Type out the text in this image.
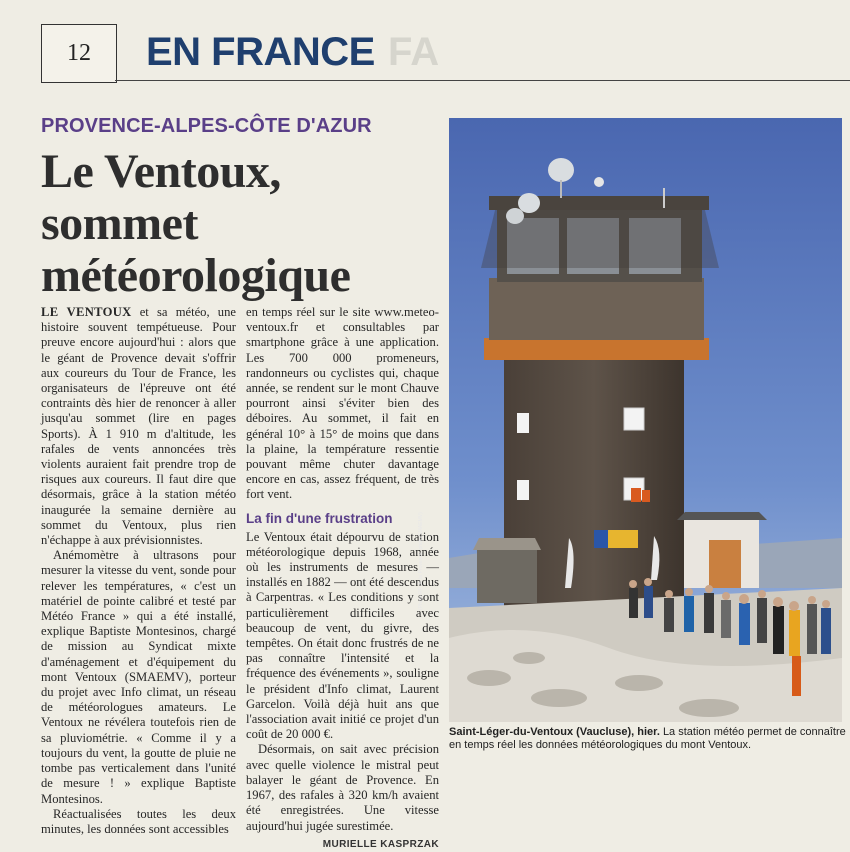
12	EN FRANCE FA
PROVENCE-ALPES-CÔTE D'AZUR
Le Ventoux, sommet météorologique

LE VENTOUX et sa météo, une histoire souvent tempétueuse. Pour preuve encore aujourd'hui : alors que le géant de Provence devait s'offrir aux coureurs du Tour de France, les organisateurs de l'épreuve ont été contraints dès hier de renoncer à aller jusqu'au sommet (lire en pages Sports). À 1 910 m d'altitude, les rafales de vents annoncées très violents auraient fait prendre trop de risques aux coureurs. Il faut dire que désormais, grâce à la station météo inaugurée la semaine dernière au sommet du Ventoux, plus rien n'échappe à aux prévisionnistes.

Anémomètre à ultrasons pour mesurer la vitesse du vent, sonde pour relever les températures, « c'est un matériel de pointe calibré et testé par Météo France » qui a été installé, explique Baptiste Montesinos, chargé de mission au Syndicat mixte d'aménagement et d'équipement du mont Ventoux (SMAEMV), porteur du projet avec Info climat, un réseau de météorologues amateurs. Le Ventoux ne révélera toutefois rien de sa pluviométrie. « Comme il y a toujours du vent, la goutte de pluie ne tombe pas verticalement dans l'unité de mesure ! » explique Baptiste Montesinos.

Réactualisées toutes les deux minutes, les données sont accessibles

en temps réel sur le site www.meteo-ventoux.fr et consultables par smartphone grâce à une application. Les 700 000 promeneurs, randonneurs ou cyclistes qui, chaque année, se rendent sur le mont Chauve pourront ainsi s'éviter bien des déboires. Au sommet, il fait en général 10° à 15° de moins que dans la plaine, la température ressentie pouvant même chuter davantage encore en cas, assez fréquent, de très fort vent.

La fin d'une frustration

Le Ventoux était dépourvu de station météorologique depuis 1968, année où les instruments de mesures — installés en 1882 — ont été descendus à Carpentras. « Les conditions y sont particulièrement difficiles avec beaucoup de vent, du givre, des tempêtes. On était donc frustrés de ne pas connaître l'intensité et la fréquence des événements », souligne le président d'Info climat, Laurent Garcelon. Voilà déjà huit ans que l'association avait initié ce projet d'un coût de 20 000 €.

Désormais, on sait avec précision avec quelle violence le mistral peut balayer le géant de Provence. En 1967, des rafales à 320 km/h avaient été enregistrées. Une vitesse aujourd'hui jugée surestimée.

MURIELLE KASPRZAK
(Photo RP de la Provence, photo/SMAEMV)
Saint-Léger-du-Ventoux (Vaucluse), hier. La station météo permet de connaître en temps réel les données météorologiques du mont Ventoux.
